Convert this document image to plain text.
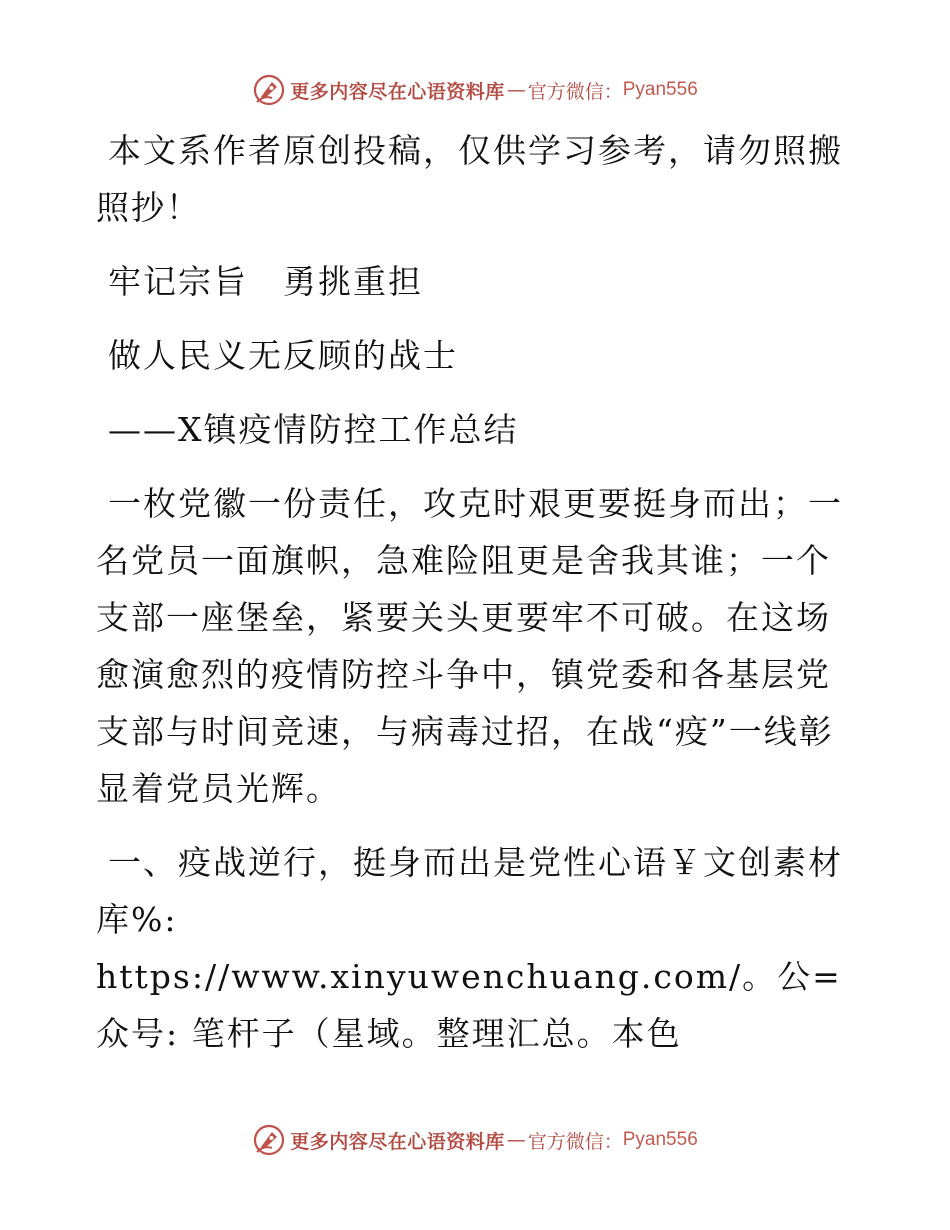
更多内容尽在心语资料库 — 官方微信： Pyan556

本文系作者原创投稿，仅供学习参考，请勿照搬照抄！

牢记宗旨　勇挑重担

做人民义无反顾的战士

——X镇疫情防控工作总结

一枚党徽一份责任，攻克时艰更要挺身而出；一名党员一面旗帜，急难险阻更是舍我其谁；一个支部一座堡垒，紧要关头更要牢不可破。在这场愈演愈烈的疫情防控斗争中，镇党委和各基层党支部与时间竞速，与病毒过招，在战“疫”一线彰显着党员光辉。

一、疫战逆行，挺身而出是党性心语￥文创素材库%: https://www.xinyuwenchuang.com/。公=众号: 笔杆子（星域。整理汇总。本色

更多内容尽在心语资料库 — 官方微信： Pyan556
